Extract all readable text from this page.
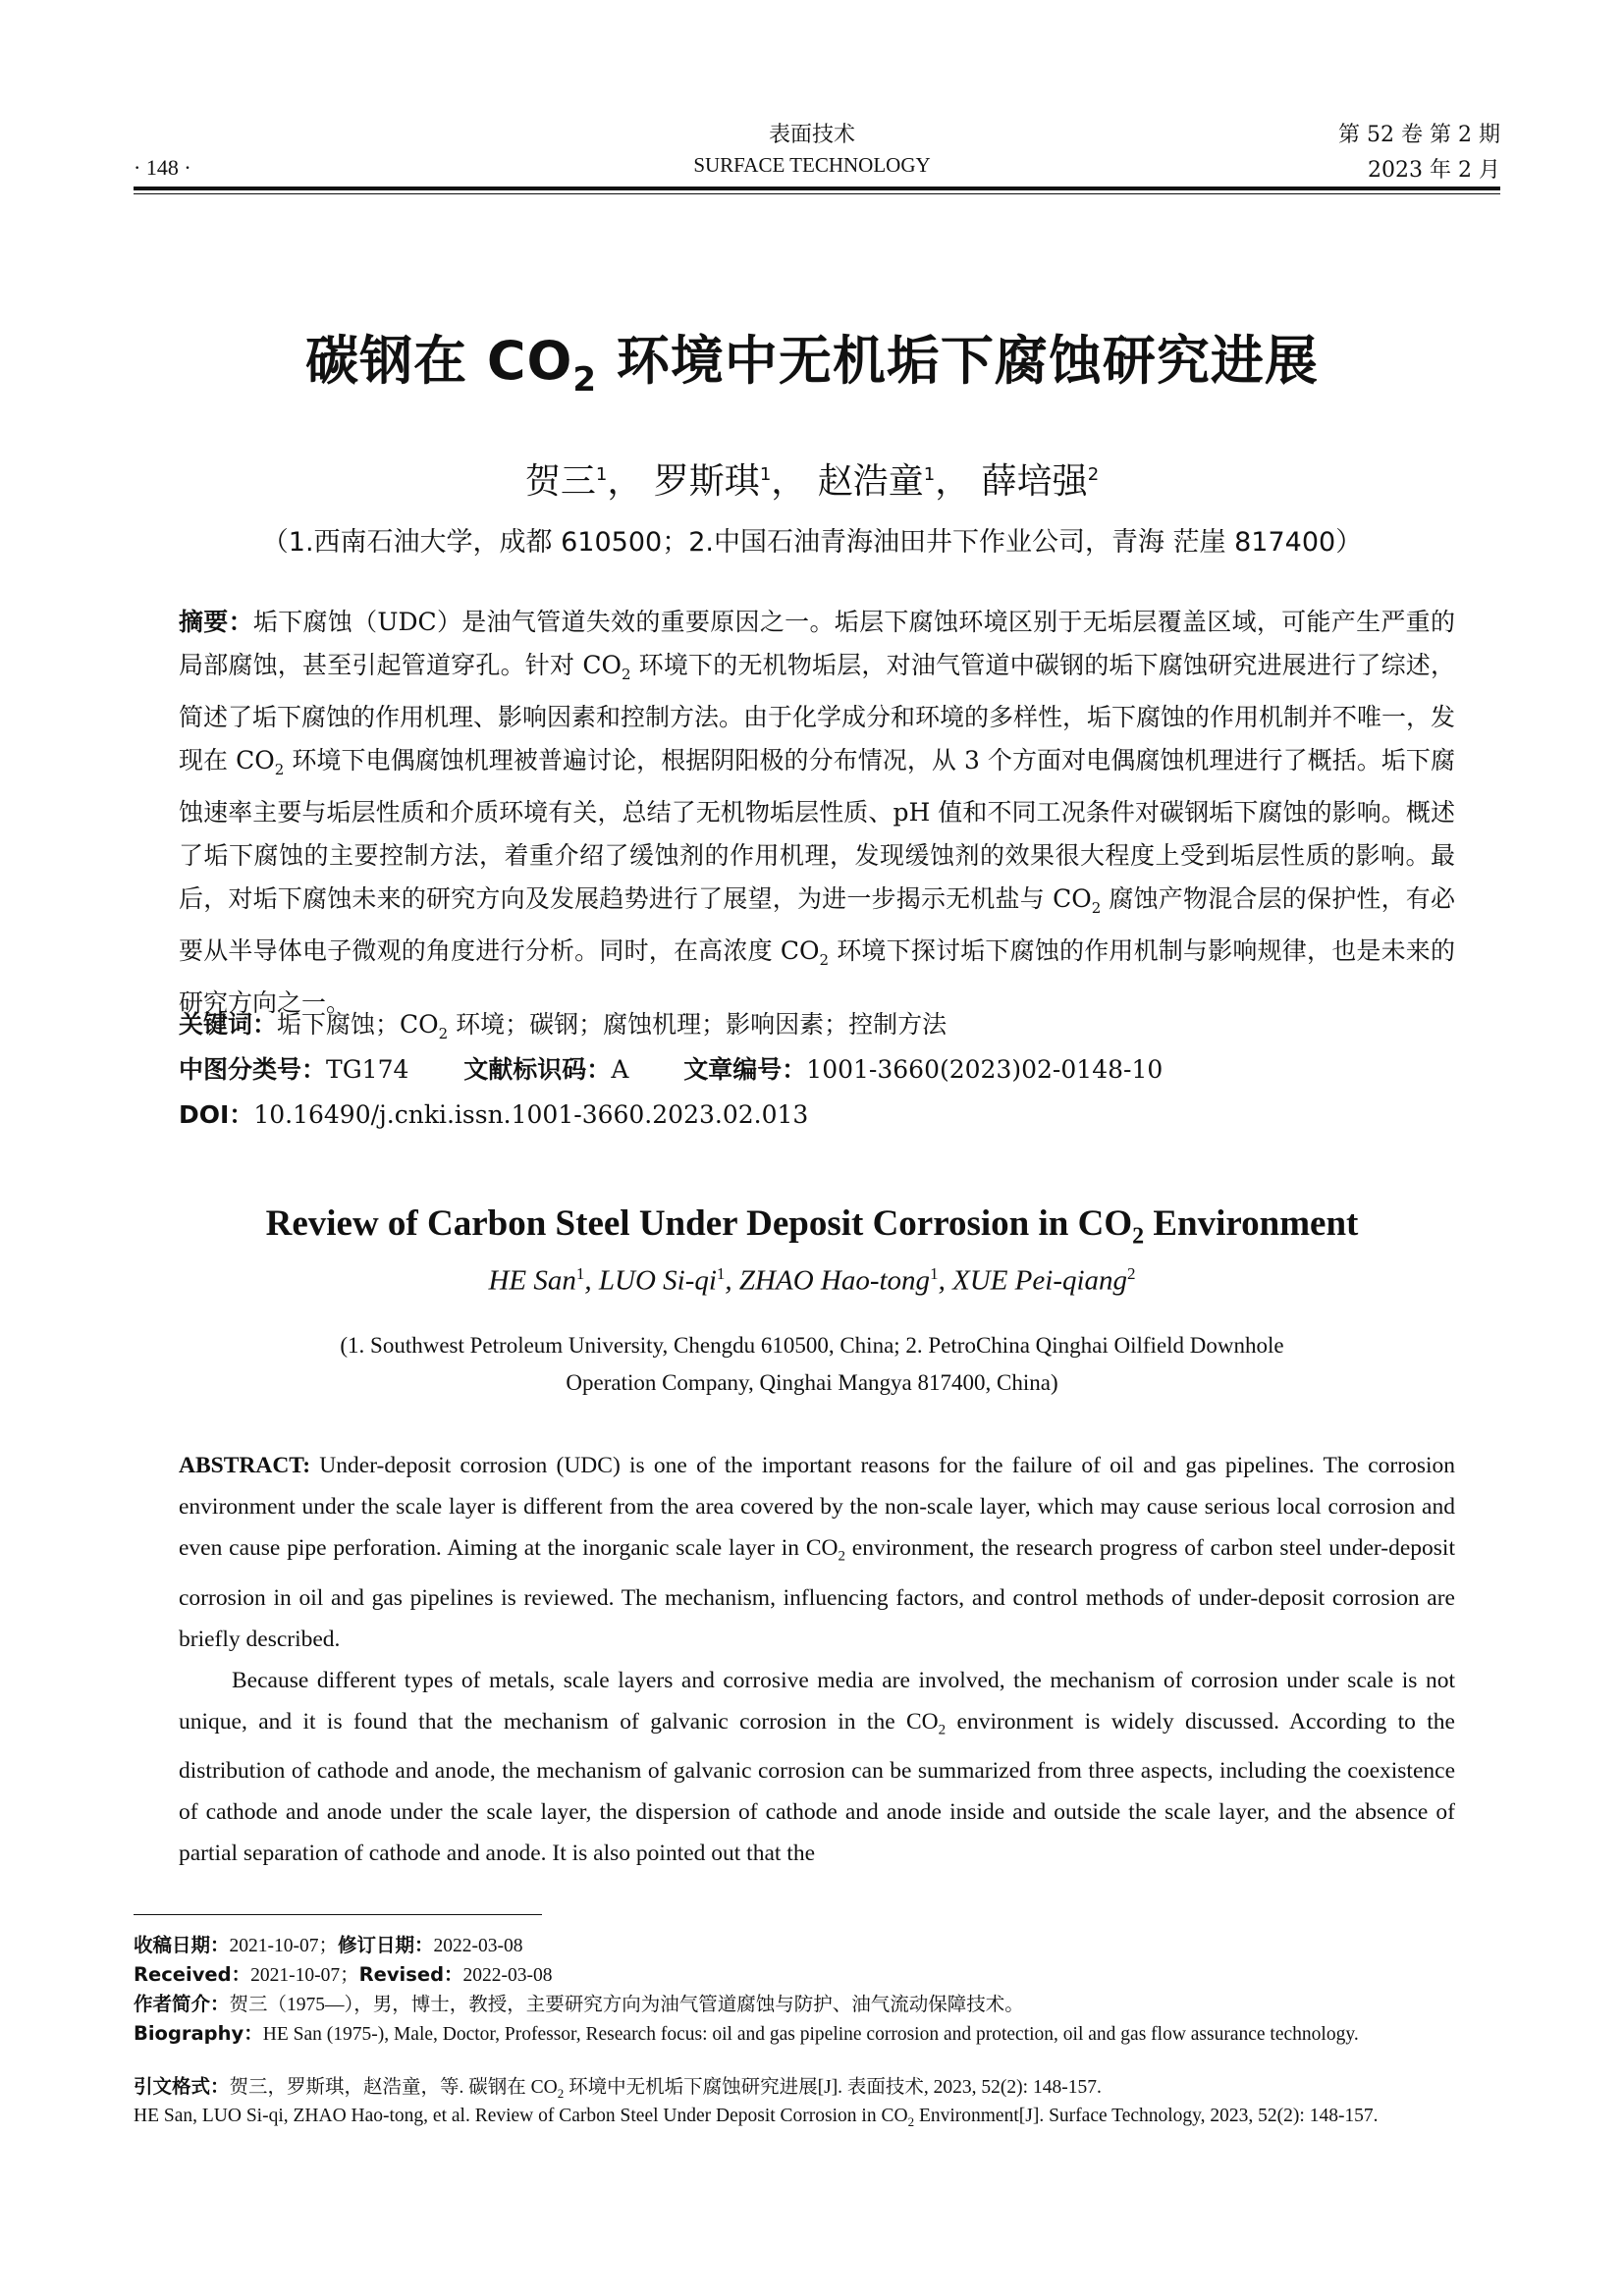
· 148 ·
表面技术
SURFACE TECHNOLOGY
第 52 卷 第 2 期
2023 年 2 月
碳钢在 $CO_2$ 环境中无机垢下腐蚀研究进展
贺三$^1$， 罗斯琪$^1$， 赵浩童$^1$， 薛培强$^2$
（1.西南石油大学，成都 610500；2.中国石油青海油田井下作业公司，青海 茫崖 817400）
摘要：垢下腐蚀（UDC）是油气管道失效的重要原因之一。垢层下腐蚀环境区别于无垢层覆盖区域，可能产生严重的局部腐蚀，甚至引起管道穿孔。针对 $CO_2$ 环境下的无机物垢层，对油气管道中碳钢的垢下腐蚀研究进展进行了综述，简述了垢下腐蚀的作用机理、影响因素和控制方法。由于化学成分和环境的多样性，垢下腐蚀的作用机制并不唯一，发现在 $CO_2$ 环境下电偶腐蚀机理被普遍讨论，根据阴阳极的分布情况，从 3 个方面对电偶腐蚀机理进行了概括。垢下腐蚀速率主要与垢层性质和介质环境有关，总结了无机物垢层性质、pH 值和不同工况条件对碳钢垢下腐蚀的影响。概述了垢下腐蚀的主要控制方法，着重介绍了缓蚀剂的作用机理，发现缓蚀剂的效果很大程度上受到垢层性质的影响。最后，对垢下腐蚀未来的研究方向及发展趋势进行了展望，为进一步揭示无机盐与 $CO_2$ 腐蚀产物混合层的保护性，有必要从半导体电子微观的角度进行分析。同时，在高浓度 $CO_2$ 环境下探讨垢下腐蚀的作用机制与影响规律，也是未来的研究方向之一。
关键词：垢下腐蚀；$CO_2$ 环境；碳钢；腐蚀机理；影响因素；控制方法
中图分类号：TG174 文献标识码：A 文章编号：1001-3660(2023)02-0148-10
DOI：10.16490/j.cnki.issn.1001-3660.2023.02.013
Review of Carbon Steel Under Deposit Corrosion in $CO_2$ Environment
HE San$^1$, LUO $Si-qi^1$, ZHAO Hao-tong$^1$, XUE Pei-qiang$^2$
(1. Southwest Petroleum University, Chengdu 610500, China; 2. PetroChina Qinghai Oilfield Downhole
Operation Company, Qinghai Mangya 817400, China)

ABSTRACT: Under-deposit corrosion (UDC) is one of the important reasons for the failure of oil and gas pipelines. The corrosion environment under the scale layer is different from the area covered by the non-scale layer, which may cause serious local corrosion and even cause pipe perforation. Aiming at the inorganic scale layer in $CO_2$ environment, the research progress of carbon steel under-deposit corrosion in oil and gas pipelines is reviewed. The mechanism, influencing factors, and control methods of under-deposit corrosion are briefly described.

Because different types of metals, scale layers and corrosive media are involved, the mechanism of corrosion under scale is not unique, and it is found that the mechanism of galvanic corrosion in the $CO_2$ environment is widely discussed. According to the distribution of cathode and anode, the mechanism of galvanic corrosion can be summarized from three aspects, including the coexistence of cathode and anode under the scale layer, the dispersion of cathode and anode inside and outside the scale layer, and the absence of partial separation of cathode and anode. It is also pointed out that the

收稿日期：2021-10-07；修订日期：2022-03-08
Received：2021-10-07；Revised：2022-03-08
作者简介：贺三（1975—），男，博士，教授，主要研究方向为油气管道腐蚀与防护、油气流动保障技术。
Biography：HE San (1975-), Male, Doctor, Professor, Research focus: oil and gas pipeline corrosion and protection, oil and gas flow assurance technology.
引文格式：贺三，罗斯琪，赵浩童，等. 碳钢在 $CO_2$ 环境中无机垢下腐蚀研究进展[J]. 表面技术, 2023, 52(2): 148-157.
HE San, LUO Si-qi, ZHAO Hao-tong, et al. Review of Carbon Steel Under Deposit Corrosion in $CO_2$ Environment[J]. Surface Technology, 2023, 52(2): 148-157.
